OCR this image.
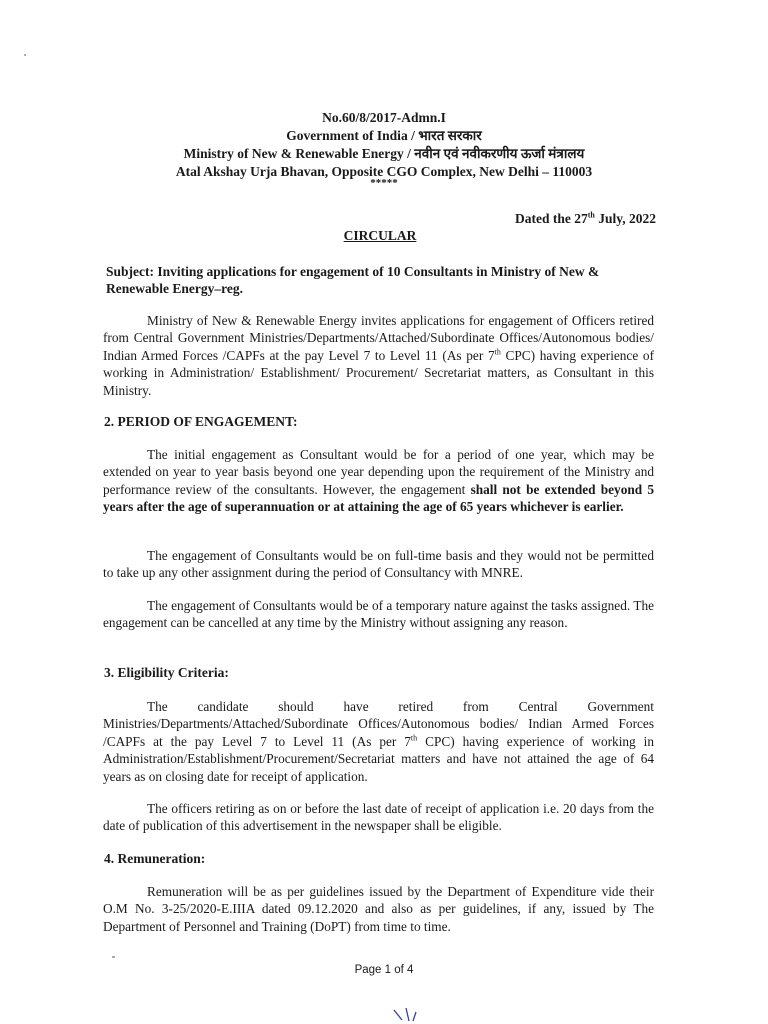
No.60/8/2017-Admn.I
Government of India / भारत सरकार
Ministry of New & Renewable Energy / नवीन एवं नवीकरणीय ऊर्जा मंत्रालय
Atal Akshay Urja Bhavan, Opposite CGO Complex, New Delhi – 110003
*****
Dated the 27th July, 2022
CIRCULAR
Subject: Inviting applications for engagement of 10 Consultants in Ministry of New & Renewable Energy–reg.

Ministry of New & Renewable Energy invites applications for engagement of Officers retired from Central Government Ministries/Departments/Attached/Subordinate Offices/Autonomous bodies/ Indian Armed Forces /CAPFs at the pay Level 7 to Level 11 (As per 7th CPC) having experience of working in Administration/ Establishment/ Procurement/ Secretariat matters, as Consultant in this Ministry.

2. PERIOD OF ENGAGEMENT:

The initial engagement as Consultant would be for a period of one year, which may be extended on year to year basis beyond one year depending upon the requirement of the Ministry and performance review of the consultants. However, the engagement shall not be extended beyond 5 years after the age of superannuation or at attaining the age of 65 years whichever is earlier.

The engagement of Consultants would be on full-time basis and they would not be permitted to take up any other assignment during the period of Consultancy with MNRE.

The engagement of Consultants would be of a temporary nature against the tasks assigned. The engagement can be cancelled at any time by the Ministry without assigning any reason.

3. Eligibility Criteria:

The candidate should have retired from Central Government Ministries/Departments/Attached/Subordinate Offices/Autonomous bodies/ Indian Armed Forces /CAPFs at the pay Level 7 to Level 11 (As per 7th CPC) having experience of working in Administration/Establishment/Procurement/Secretariat matters and have not attained the age of 64 years as on closing date for receipt of application.

The officers retiring as on or before the last date of receipt of application i.e. 20 days from the date of publication of this advertisement in the newspaper shall be eligible.

4. Remuneration:

Remuneration will be as per guidelines issued by the Department of Expenditure vide their O.M No. 3-25/2020-E.IIIA dated 09.12.2020 and also as per guidelines, if any, issued by The Department of Personnel and Training (DoPT) from time to time.

Page 1 of 4
